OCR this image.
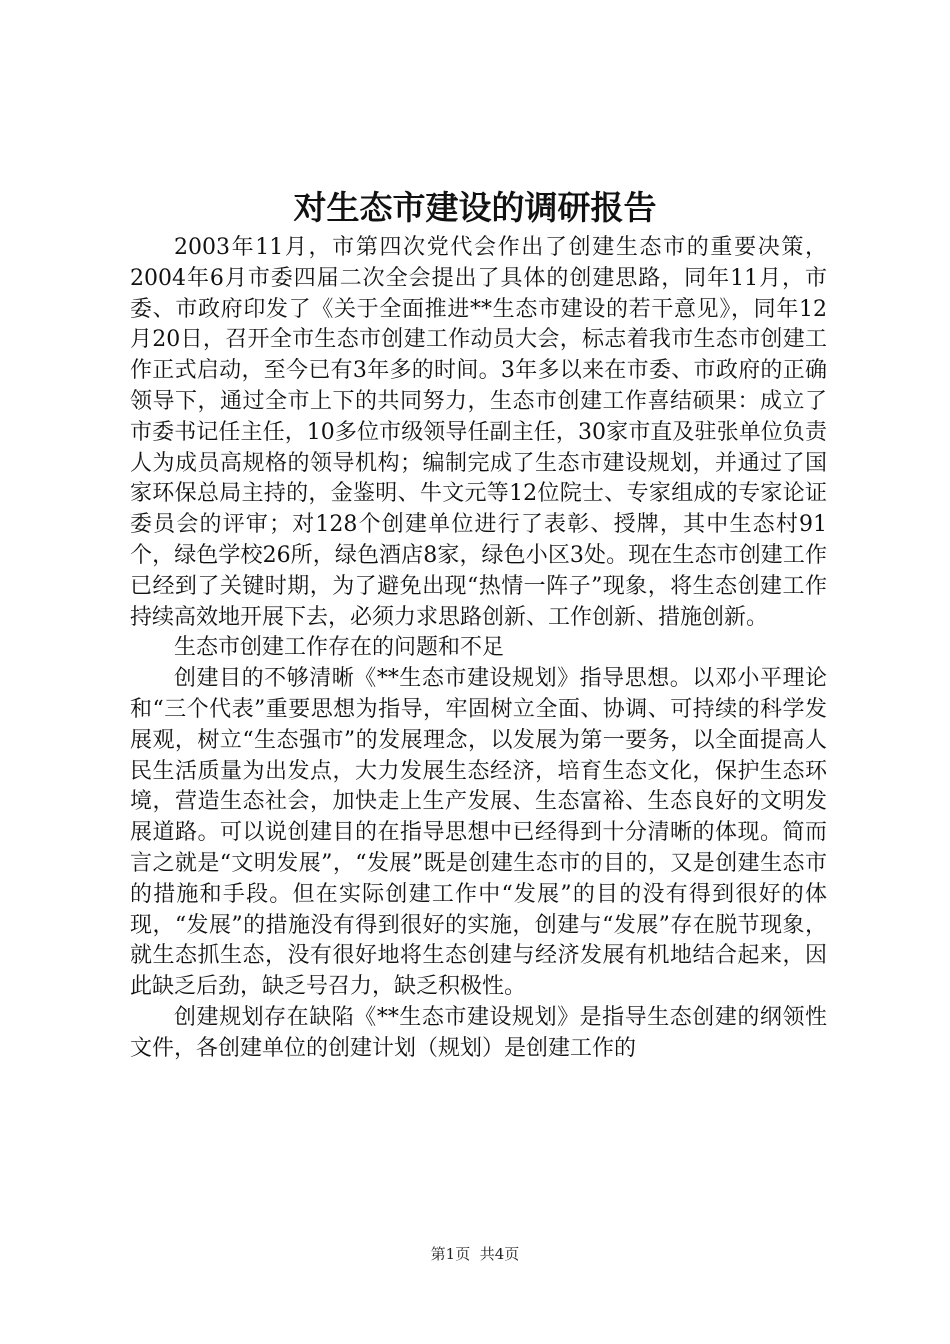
对生态市建设的调研报告

2003年11月，市第四次党代会作出了创建生态市的重要决策，2004年6月市委四届二次全会提出了具体的创建思路，同年11月，市委、市政府印发了《关于全面推进**生态市建设的若干意见》，同年12月20日，召开全市生态市创建工作动员大会，标志着我市生态市创建工作正式启动，至今已有3年多的时间。3年多以来在市委、市政府的正确领导下，通过全市上下的共同努力，生态市创建工作喜结硕果：成立了市委书记任主任，10多位市级领导任副主任，30家市直及驻张单位负责人为成员高规格的领导机构；编制完成了生态市建设规划，并通过了国家环保总局主持的，金鉴明、牛文元等12位院士、专家组成的专家论证委员会的评审；对128个创建单位进行了表彰、授牌，其中生态村91个，绿色学校26所，绿色酒店8家，绿色小区3处。现在生态市创建工作已经到了关键时期，为了避免出现“热情一阵子”现象，将生态创建工作持续高效地开展下去，必须力求思路创新、工作创新、措施创新。

生态市创建工作存在的问题和不足

创建目的不够清晰《**生态市建设规划》指导思想。以邓小平理论和“三个代表”重要思想为指导，牢固树立全面、协调、可持续的科学发展观，树立“生态强市”的发展理念，以发展为第一要务，以全面提高人民生活质量为出发点，大力发展生态经济，培育生态文化，保护生态环境，营造生态社会，加快走上生产发展、生态富裕、生态良好的文明发展道路。可以说创建目的在指导思想中已经得到十分清晰的体现。简而言之就是“文明发展”，“发展”既是创建生态市的目的，又是创建生态市的措施和手段。但在实际创建工作中“发展”的目的没有得到很好的体现，“发展”的措施没有得到很好的实施，创建与“发展”存在脱节现象，就生态抓生态，没有很好地将生态创建与经济发展有机地结合起来，因此缺乏后劲，缺乏号召力，缺乏积极性。

创建规划存在缺陷《**生态市建设规划》是指导生态创建的纲领性文件，各创建单位的创建计划（规划）是创建工作的

第1页 共4页
